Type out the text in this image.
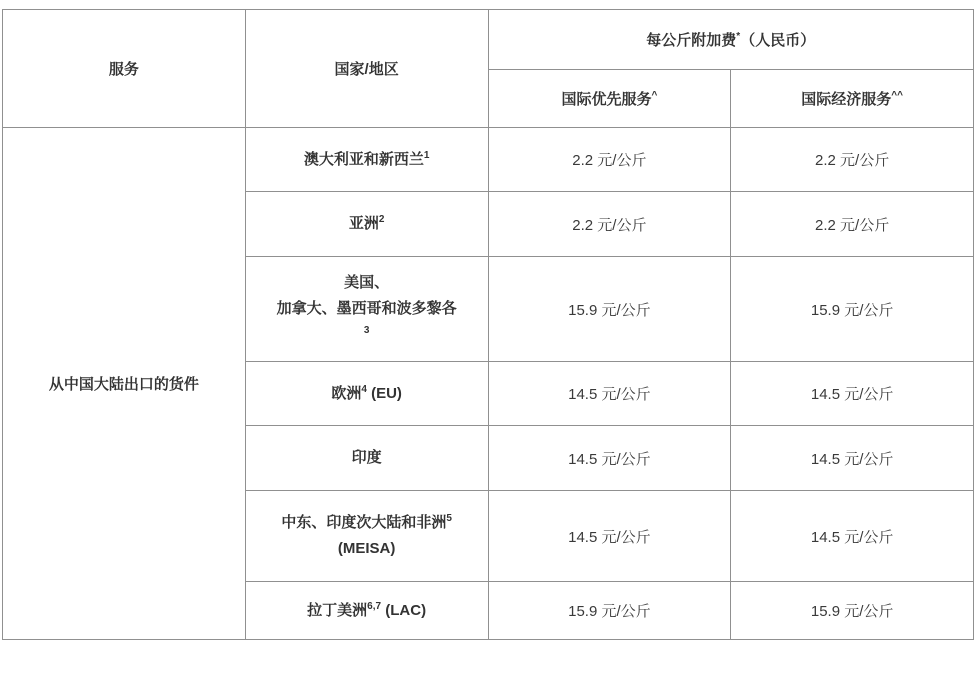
服务	国家/地区	每公斤附加费*（人民币）	
		国际优先服务^	国际经济服务^^
从中国大陆出口的货件	澳大利亚和新西兰$^1$	2.2 元/公斤	2.2 元/公斤

	亚洲$^2$	2.2 元/公斤	2.2 元/公斤

	美国、
加拿大、墨西哥和波多黎各
$^3$	15.9 元/公斤	15.9 元/公斤

	欧洲$^4$ (EU)	14.5 元/公斤	14.5 元/公斤

	印度	14.5 元/公斤	14.5 元/公斤

	中东、印度次大陆和非洲$^5$
(MEISA)	14.5 元/公斤	14.5 元/公斤

	拉丁美洲$^{6,7}$ (LAC)	15.9 元/公斤	15.9 元/公斤
